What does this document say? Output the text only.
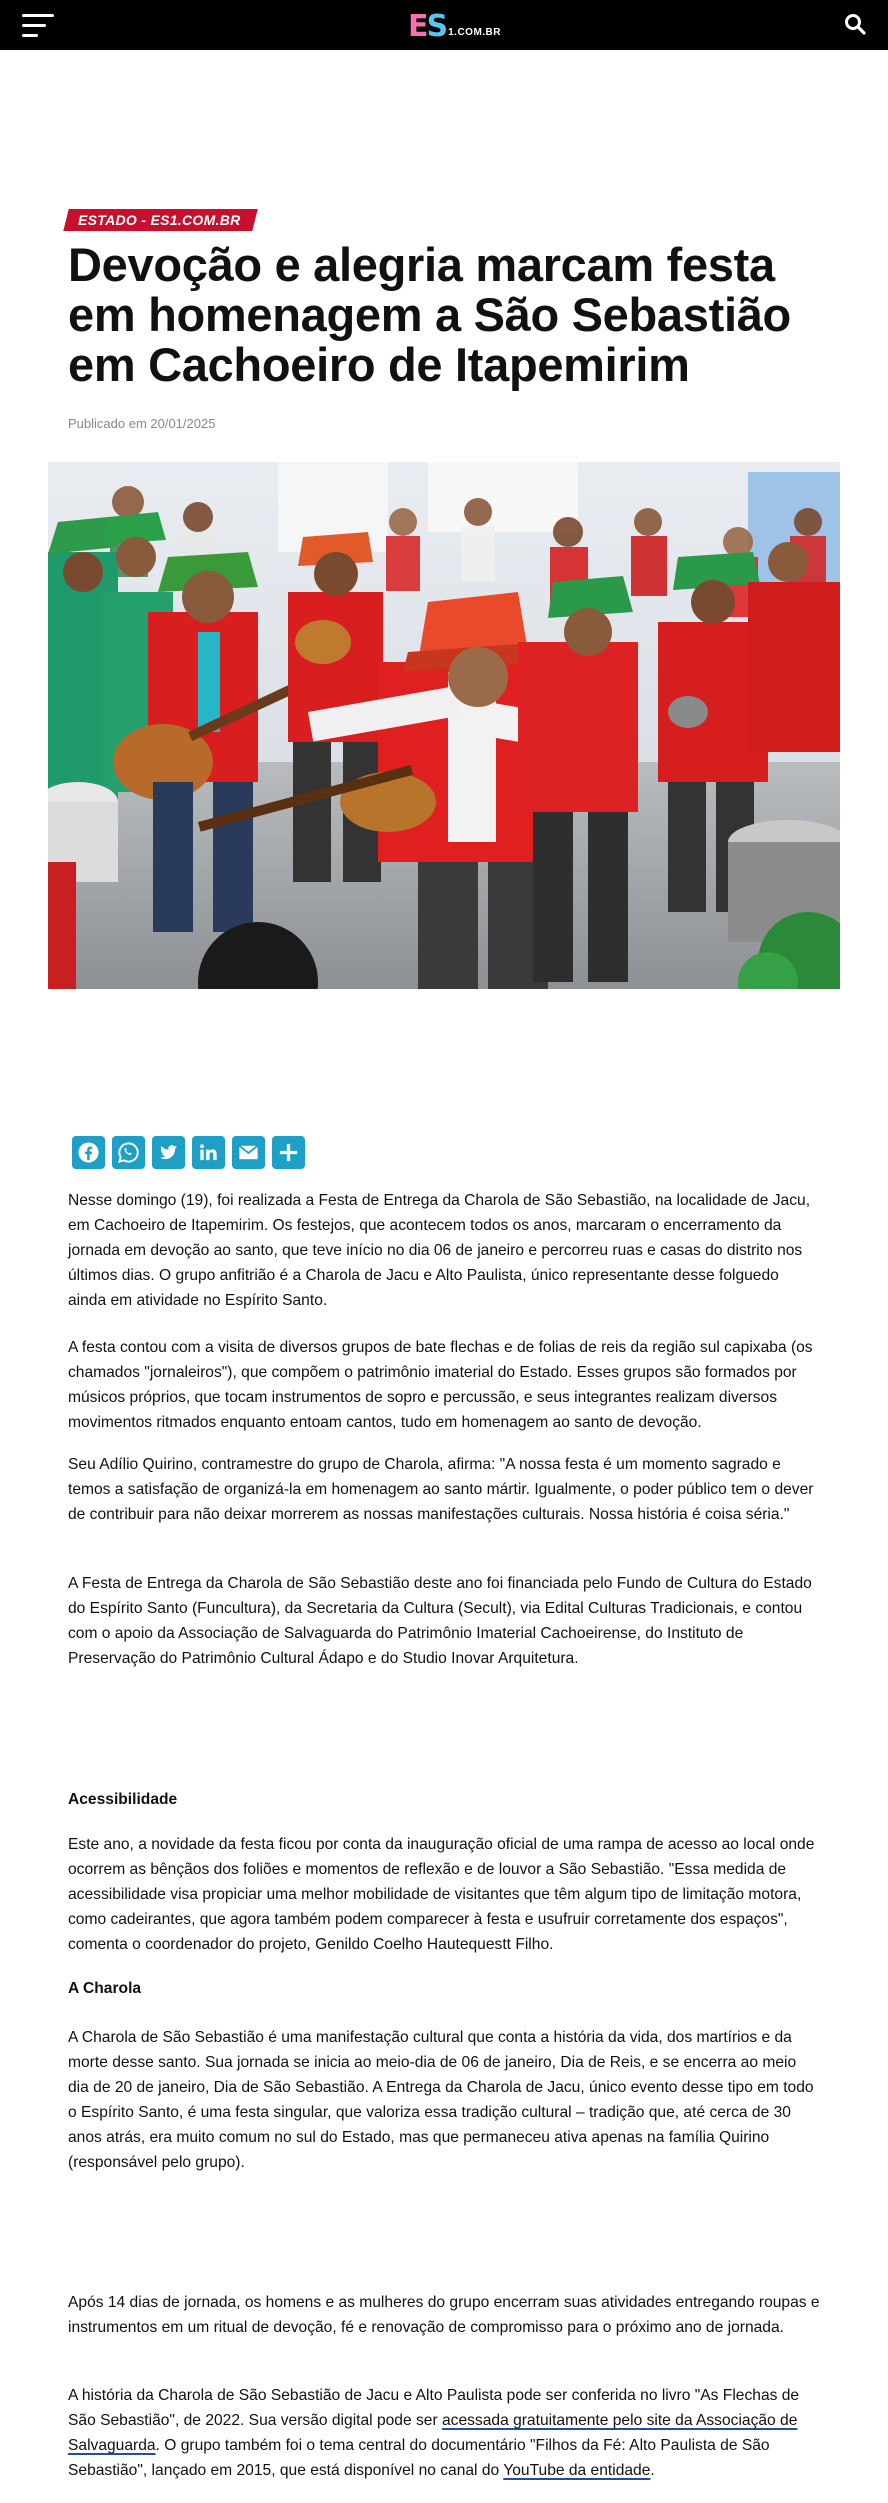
ES 1.COM.BR
ESTADO - ES1.COM.BR
Devoção e alegria marcam festa em homenagem a São Sebastião em Cachoeiro de Itapemirim
Publicado em 20/01/2025

Nesse domingo (19), foi realizada a Festa de Entrega da Charola de São Sebastião, na localidade de Jacu, em Cachoeiro de Itapemirim. Os festejos, que acontecem todos os anos, marcaram o encerramento da jornada em devoção ao santo, que teve início no dia 06 de janeiro e percorreu ruas e casas do distrito nos últimos dias. O grupo anfitrião é a Charola de Jacu e Alto Paulista, único representante desse folguedo ainda em atividade no Espírito Santo.

A festa contou com a visita de diversos grupos de bate flechas e de folias de reis da região sul capixaba (os chamados "jornaleiros"), que compõem o patrimônio imaterial do Estado. Esses grupos são formados por músicos próprios, que tocam instrumentos de sopro e percussão, e seus integrantes realizam diversos movimentos ritmados enquanto entoam cantos, tudo em homenagem ao santo de devoção.

Seu Adílio Quirino, contramestre do grupo de Charola, afirma: "A nossa festa é um momento sagrado e temos a satisfação de organizá-la em homenagem ao santo mártir. Igualmente, o poder público tem o dever de contribuir para não deixar morrerem as nossas manifestações culturais. Nossa história é coisa séria."

A Festa de Entrega da Charola de São Sebastião deste ano foi financiada pelo Fundo de Cultura do Estado do Espírito Santo (Funcultura), da Secretaria da Cultura (Secult), via Edital Culturas Tradicionais, e contou com o apoio da Associação de Salvaguarda do Patrimônio Imaterial Cachoeirense, do Instituto de Preservação do Patrimônio Cultural Ádapo e do Studio Inovar Arquitetura.

Acessibilidade

Este ano, a novidade da festa ficou por conta da inauguração oficial de uma rampa de acesso ao local onde ocorrem as bênçãos dos foliões e momentos de reflexão e de louvor a São Sebastião. "Essa medida de acessibilidade visa propiciar uma melhor mobilidade de visitantes que têm algum tipo de limitação motora, como cadeirantes, que agora também podem comparecer à festa e usufruir corretamente dos espaços", comenta o coordenador do projeto, Genildo Coelho Hautequestt Filho.

A Charola

A Charola de São Sebastião é uma manifestação cultural que conta a história da vida, dos martírios e da morte desse santo. Sua jornada se inicia ao meio-dia de 06 de janeiro, Dia de Reis, e se encerra ao meio dia de 20 de janeiro, Dia de São Sebastião. A Entrega da Charola de Jacu, único evento desse tipo em todo o Espírito Santo, é uma festa singular, que valoriza essa tradição cultural – tradição que, até cerca de 30 anos atrás, era muito comum no sul do Estado, mas que permaneceu ativa apenas na família Quirino (responsável pelo grupo).

Após 14 dias de jornada, os homens e as mulheres do grupo encerram suas atividades entregando roupas e instrumentos em um ritual de devoção, fé e renovação de compromisso para o próximo ano de jornada.

A história da Charola de São Sebastião de Jacu e Alto Paulista pode ser conferida no livro "As Flechas de São Sebastião", de 2022. Sua versão digital pode ser acessada gratuitamente pelo site da Associação de Salvaguarda. O grupo também foi o tema central do documentário "Filhos da Fé: Alto Paulista de São Sebastião", lançado em 2015, que está disponível no canal do YouTube da entidade.
